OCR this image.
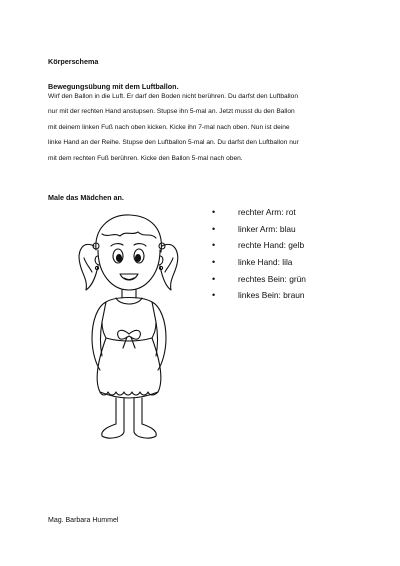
Körperschema
Bewegungsübung mit dem Luftballon.
Wirf den Ballon in die Luft. Er darf den Boden nicht berühren. Du darfst den Luftballon
nur mit der rechten Hand anstupsen. Stupse ihn 5-mal an. Jetzt musst du den Ballon
mit deinem linken Fuß nach oben kicken. Kicke ihn 7-mal nach oben. Nun ist deine
linke Hand an der Reihe. Stupse den Luftballon 5-mal an. Du darfst den Luftballon nur
mit dem rechten Fuß berühren. Kicke den Ballon 5-mal nach oben.
Male das Mädchen an.
•	rechter Arm: rot
•	linker Arm: blau
•	rechte Hand: gelb
•	linke Hand: lila
•	rechtes Bein: grün
•	linkes Bein: braun
Mag. Barbara Hummel
